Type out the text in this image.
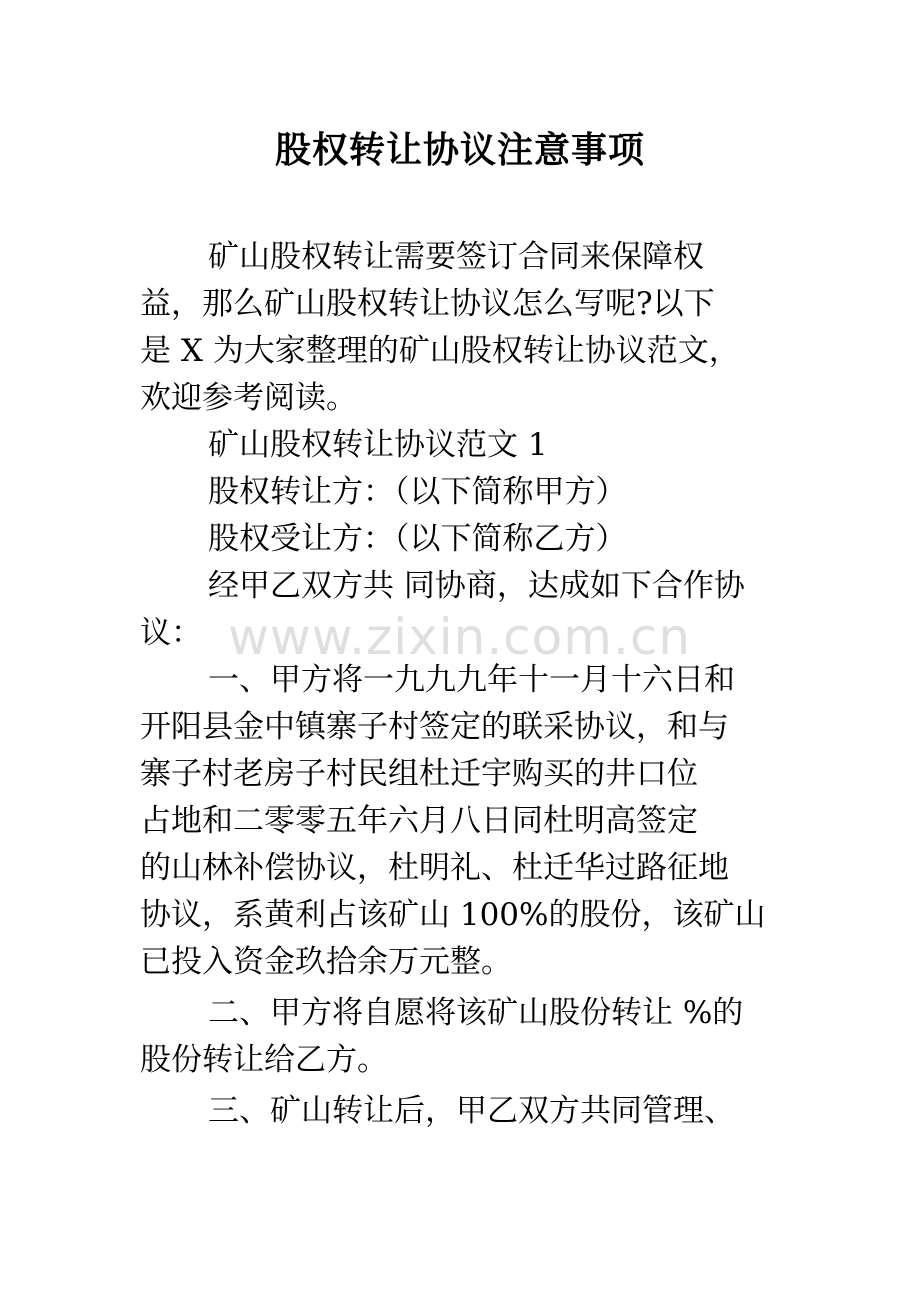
股权转让协议注意事项
矿山股权转让需要签订合同来保障权
益，那么矿山股权转让协议怎么写呢?以下
是 X 为大家整理的矿山股权转让协议范文，
欢迎参考阅读。
矿山股权转让协议范文 1
股权转让方：（以下简称甲方）
股权受让方：（以下简称乙方）
经甲乙双方共 同协商，达成如下合作协
议：
一、甲方将一九九九年十一月十六日和
开阳县金中镇寨子村签定的联采协议，和与
寨子村老房子村民组杜迁宇购买的井口位
占地和二零零五年六月八日同杜明高签定
的山林补偿协议，杜明礼、杜迁华过路征地
协议，系黄利占该矿山 100%的股份，该矿山
已投入资金玖拾余万元整。
二、甲方将自愿将该矿山股份转让 %的
股份转让给乙方。
三、矿山转让后，甲乙双方共同管理、
www.zixin.com.cn
